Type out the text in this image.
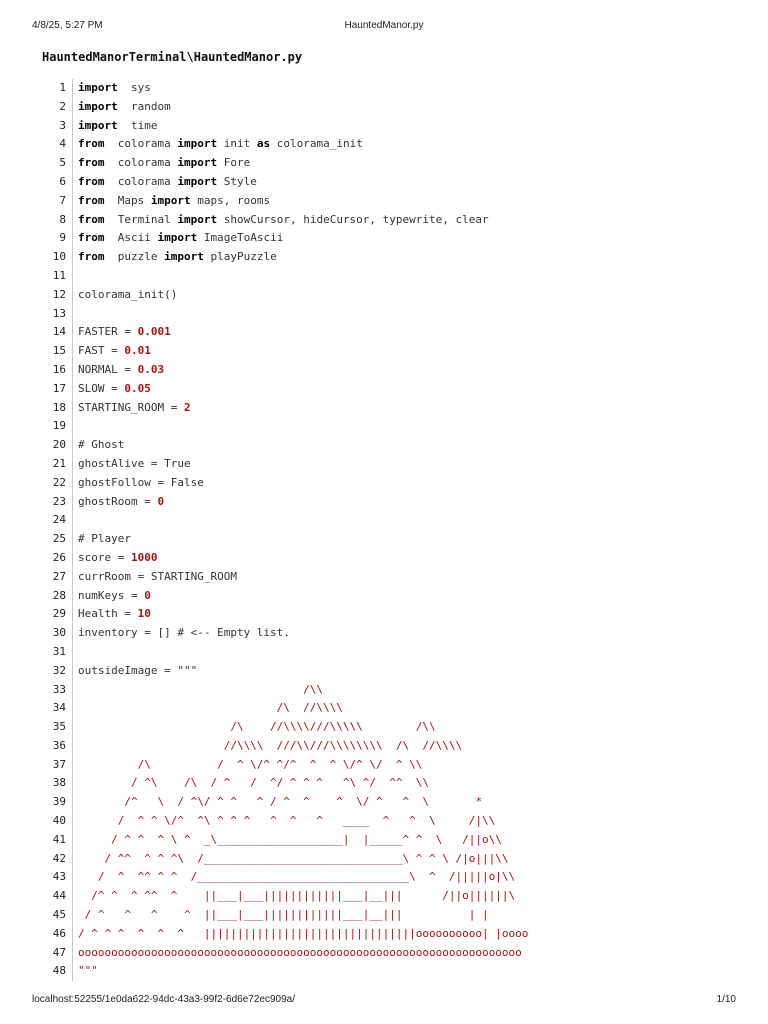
4/8/25, 5:27 PM	HauntedManor.py
HauntedManorTerminal\HauntedManor.py
1 import  sys
2 import  random
3 import  time
4 from  colorama import init as colorama_init
5 from  colorama import Fore
6 from  colorama import Style
7 from  Maps import maps, rooms
8 from  Terminal import showCursor, hideCursor, typewrite, clear
9 from  Ascii import ImageToAscii
10 from  puzzle import playPuzzle
11
12 colorama_init()
13
14 FASTER = 0.001
15 FAST = 0.01
16 NORMAL = 0.03
17 SLOW = 0.05
18 STARTING_ROOM = 2
19
20 # Ghost
21 ghostAlive = True
22 ghostFollow = False
23 ghostRoom = 0
24
25 # Player
26 score = 1000
27 currRoom = STARTING_ROOM
28 numKeys = 0
29 Health = 10
30 inventory = [] # <-- Empty list.
31
32 outsideImage = """
33 /\\
34 /\  //\\\\
35 /\    //\\\\///\\\\\        /\\
36 //\\\\  ///\\///\\\\\\\\  /\  //\\\\
37 /\          /  ^ \/^ ^/^  ^  ^ \/^ \/  ^ \\
38 / ^\    /\  / ^   /  ^/ ^ ^ ^   ^\ ^/  ^^  \\
39 /^   \  / ^\/ ^ ^   ^ / ^  ^    ^  \/ ^   ^  \       *
40 /  ^ ^ \/^  ^\ ^ ^ ^   ^  ^   ^   ____  ^   ^  \     /|\\
41 / ^ ^  ^ \ ^  _\___________________|  |_____^ ^  \   /||o\\
42 / ^^  ^ ^ ^\  /______________________________\ ^ ^ \ /|o|||\\
43 /  ^  ^^ ^ ^  /________________________________\  ^  /|||||o|\\
44 /^ ^  ^ ^^  ^    ||___|___||||||||||||___|__|||      /||o||||||\
45 / ^   ^   ^    ^  ||___|___||||||||||||___|__|||          | |
46 / ^ ^ ^  ^  ^  ^   ||||||||||||||||||||||||||||||||oooooooooo| |oooo
47 ooooooooooooooooooooooooooooooooooooooooooooooooooooooooooooooooooo
48 """
localhost:52255/1e0da622-94dc-43a3-99f2-6d6e72ec909a/	1/10
